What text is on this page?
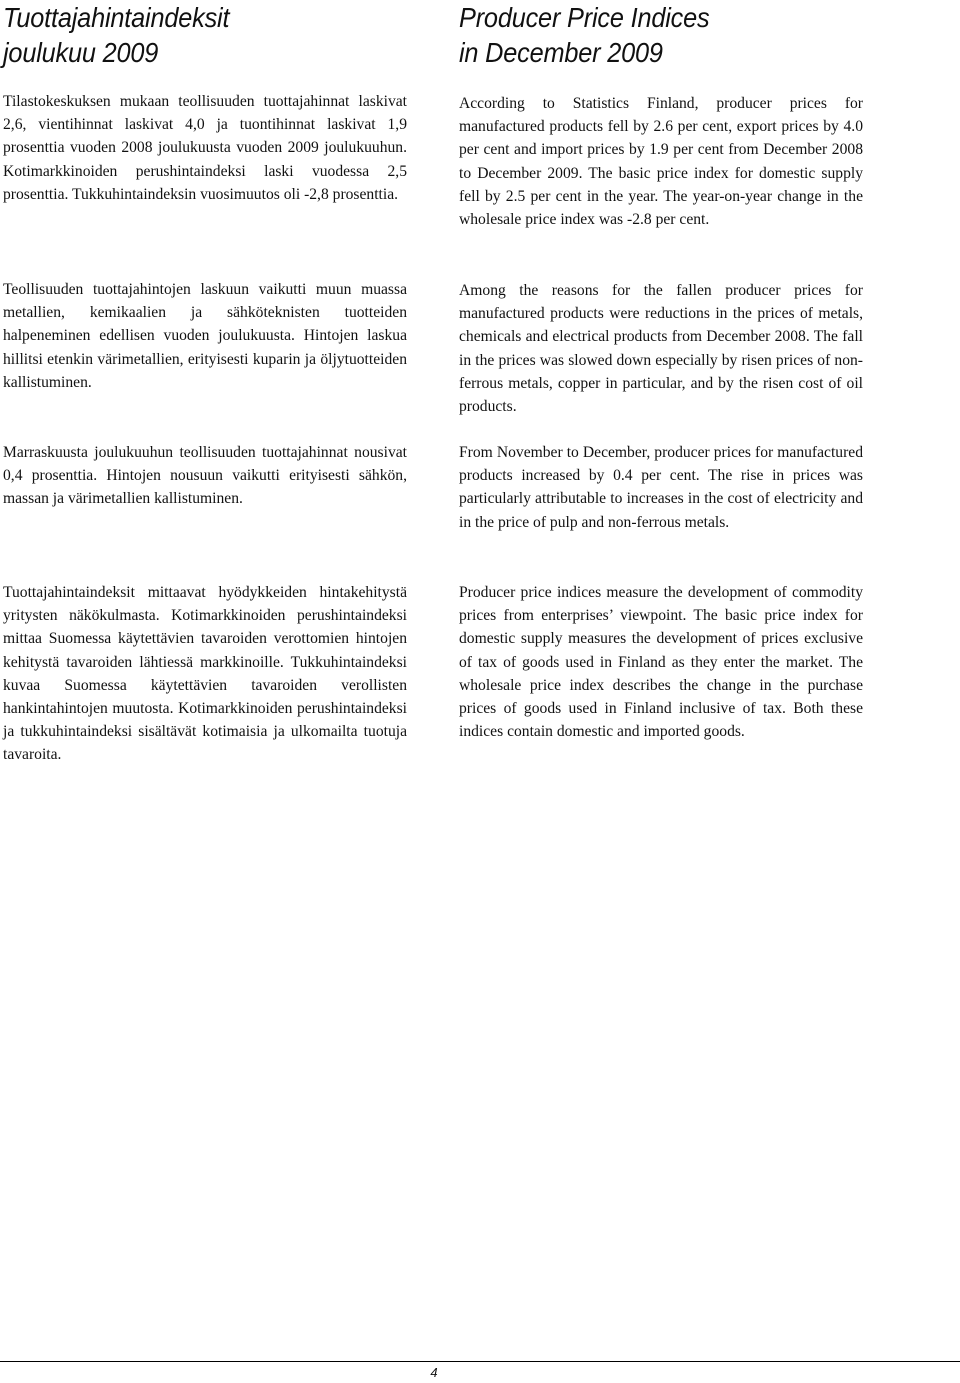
Tuottajahintaindeksit
joulukuu 2009

Tilastokeskuksen mukaan teollisuuden tuottajahinnat laskivat 2,6, vientihinnat laskivat 4,0 ja tuontihinnat laskivat 1,9 prosenttia vuoden 2008 joulukuusta vuoden 2009 joulukuuhun. Kotimarkkinoiden perushintaindeksi laski vuodessa 2,5 prosenttia. Tukkuhintaindeksin vuosimuutos oli -2,8 prosenttia.

Teollisuuden tuottajahintojen laskuun vaikutti muun muassa metallien, kemikaalien ja sähköteknisten tuotteiden halpeneminen edellisen vuoden joulukuusta. Hintojen laskua hillitsi etenkin värimetallien, erityisesti kuparin ja öljytuotteiden kallistuminen.

Marraskuusta joulukuuhun teollisuuden tuottajahinnat nousivat 0,4 prosenttia. Hintojen nousuun vaikutti erityisesti sähkön, massan ja värimetallien kallistuminen.

Tuottajahintaindeksit mittaavat hyödykkeiden hintakehitystä yritysten näkökulmasta. Kotimarkkinoiden perushintaindeksi mittaa Suomessa käytettävien tavaroiden verottomien hintojen kehitystä tavaroiden lähtiessä markkinoille. Tukkuhintaindeksi kuvaa Suomessa käytettävien tavaroiden verollisten hankintahintojen muutosta. Kotimarkkinoiden perushintaindeksi ja tukkuhintaindeksi sisältävät kotimaisia ja ulkomailta tuotuja tavaroita.

Producer Price Indices
in December 2009

According to Statistics Finland, producer prices for manufactured products fell by 2.6 per cent, export prices by 4.0 per cent and import prices by 1.9 per cent from December 2008 to December 2009. The basic price index for domestic supply fell by 2.5 per cent in the year. The year-on-year change in the wholesale price index was -2.8 per cent.

Among the reasons for the fallen producer prices for manufactured products were reductions in the prices of metals, chemicals and electrical products from December 2008. The fall in the prices was slowed down especially by risen prices of non-ferrous metals, copper in particular, and by the risen cost of oil products.

From November to December, producer prices for manufactured products increased by 0.4 per cent. The rise in prices was particularly attributable to increases in the cost of electricity and in the price of pulp and non-ferrous metals.

Producer price indices measure the development of commodity prices from enterprises’ viewpoint. The basic price index for domestic supply measures the development of prices exclusive of tax of goods used in Finland as they enter the market. The wholesale price index describes the change in the purchase prices of goods used in Finland inclusive of tax. Both these indices contain domestic and imported goods.

4
